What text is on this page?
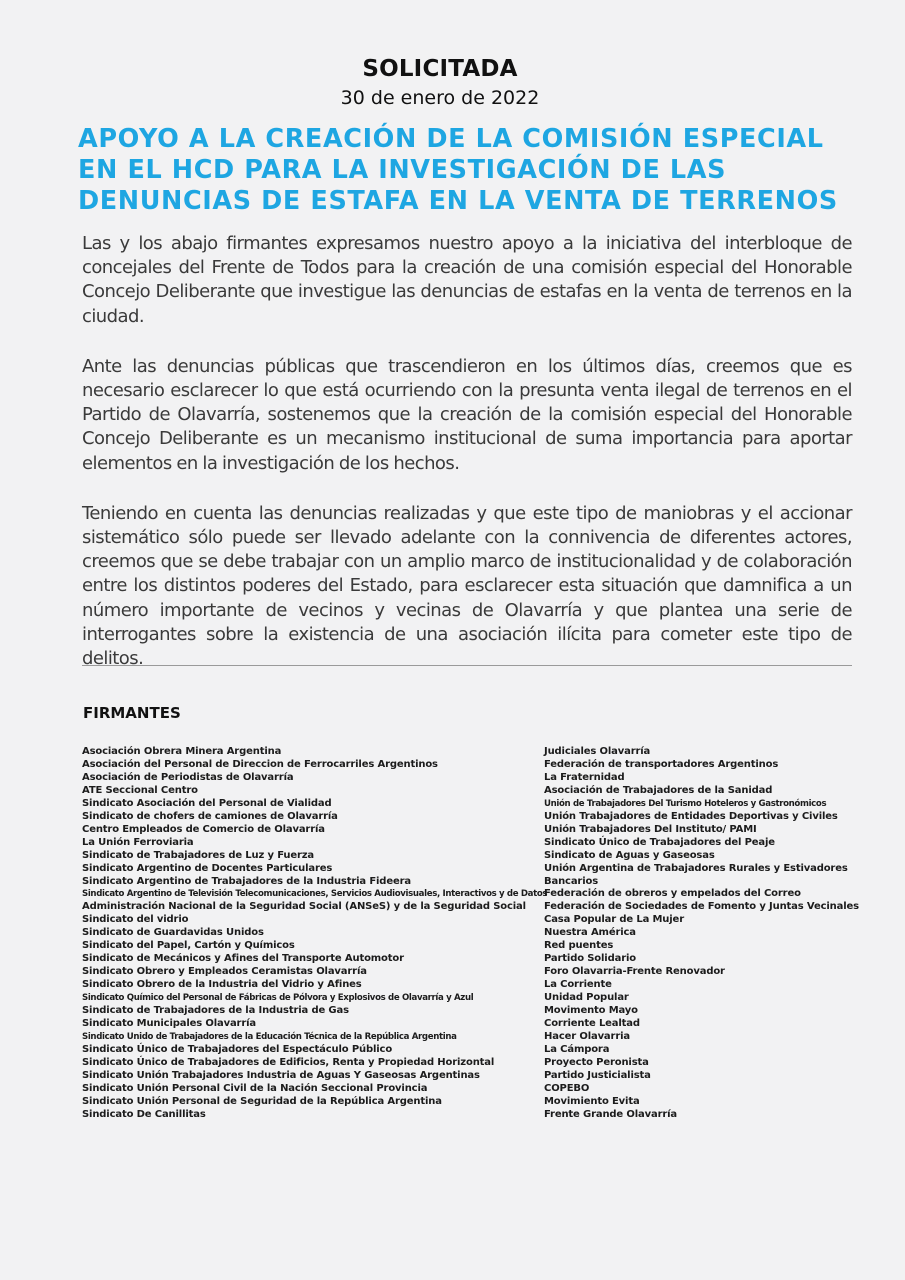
SOLICITADA
30 de enero de 2022
APOYO A LA CREACIÓN DE LA COMISIÓN ESPECIAL
EN EL HCD PARA LA INVESTIGACIÓN DE LAS
DENUNCIAS DE ESTAFA EN LA VENTA DE TERRENOS

Las y los abajo firmantes expresamos nuestro apoyo a la iniciativa del interbloque de concejales del Frente de Todos para la creación de una comisión especial del Honorable Concejo Deliberante que investigue las denuncias de estafas en la venta de terrenos en la ciudad.

Ante las denuncias públicas que trascendieron en los últimos días, creemos que es necesario esclarecer lo que está ocurriendo con la presunta venta ilegal de terrenos en el Partido de Olavarría, sostenemos que la creación de la comisión especial del Honorable Concejo Deliberante es un mecanismo institucional de suma importancia para aportar elementos en la investigación de los hechos.

Teniendo en cuenta las denuncias realizadas y que este tipo de maniobras y el accionar sistemático sólo puede ser llevado adelante con la connivencia de diferentes actores, creemos que se debe trabajar con un amplio marco de institucionalidad y de colaboración entre los distintos poderes del Estado, para esclarecer esta situación que damnifica a un número importante de vecinos y vecinas de Olavarría y que plantea una serie de interrogantes sobre la existencia de una asociación ilícita para cometer este tipo de delitos.

FIRMANTES
Asociación Obrera Minera Argentina
Asociación del Personal de Direccion de Ferrocarriles Argentinos
Asociación de Periodistas de Olavarría
ATE Seccional Centro
Sindicato Asociación del Personal de Vialidad
Sindicato de chofers de camiones de Olavarría
Centro Empleados de Comercio de Olavarría
La Unión Ferroviaria
Sindicato de Trabajadores de Luz y Fuerza
Sindicato Argentino de Docentes Particulares
Sindicato Argentino de Trabajadores de la Industria Fideera
Sindicato Argentino de Televisión Telecomunicaciones, Servicios Audiovisuales, Interactivos y de Datos
Administración Nacional de la Seguridad Social (ANSeS) y de la Seguridad Social
Sindicato del vidrio
Sindicato de Guardavidas Unidos
Sindicato del Papel, Cartón y Químicos
Sindicato de Mecánicos y Afines del Transporte Automotor
Sindicato Obrero y Empleados Ceramistas Olavarría
Sindicato Obrero de la Industria del Vidrio y Afines
Sindicato Químico del Personal de Fábricas de Pólvora y Explosivos de Olavarría y Azul
Sindicato de Trabajadores de la Industria de Gas
Sindicato Municipales Olavarría
Sindicato Unido de Trabajadores de la Educación Técnica de la República Argentina
Sindicato Único de Trabajadores del Espectáculo Público
Sindicato Único de Trabajadores de Edificios, Renta y Propiedad Horizontal
Sindicato Unión Trabajadores Industria de Aguas Y Gaseosas Argentinas
Sindicato Unión Personal Civil de la Nación Seccional Provincia
Sindicato Unión Personal de Seguridad de la República Argentina
Sindicato De Canillitas
Judiciales Olavarría
Federación de transportadores Argentinos
La Fraternidad
Asociación de Trabajadores de la Sanidad
Unión de Trabajadores Del Turismo Hoteleros y Gastronómicos
Unión Trabajadores de Entidades Deportivas y Civiles
Unión Trabajadores Del Instituto/ PAMI
Sindicato Único de Trabajadores del Peaje
Sindicato de Aguas y Gaseosas
Unión Argentina de Trabajadores Rurales y Estivadores
Bancarios
Federación de obreros y empelados del Correo
Federación de Sociedades de Fomento y Juntas Vecinales
Casa Popular de La Mujer
Nuestra América
Red puentes
Partido Solidario
Foro Olavarria-Frente Renovador
La Corriente
Unidad Popular
Movimento Mayo
Corriente Lealtad
Hacer Olavarria
La Cámpora
Proyecto Peronista
Partido Justicialista
COPEBO
Movimiento Evita
Frente Grande Olavarría
